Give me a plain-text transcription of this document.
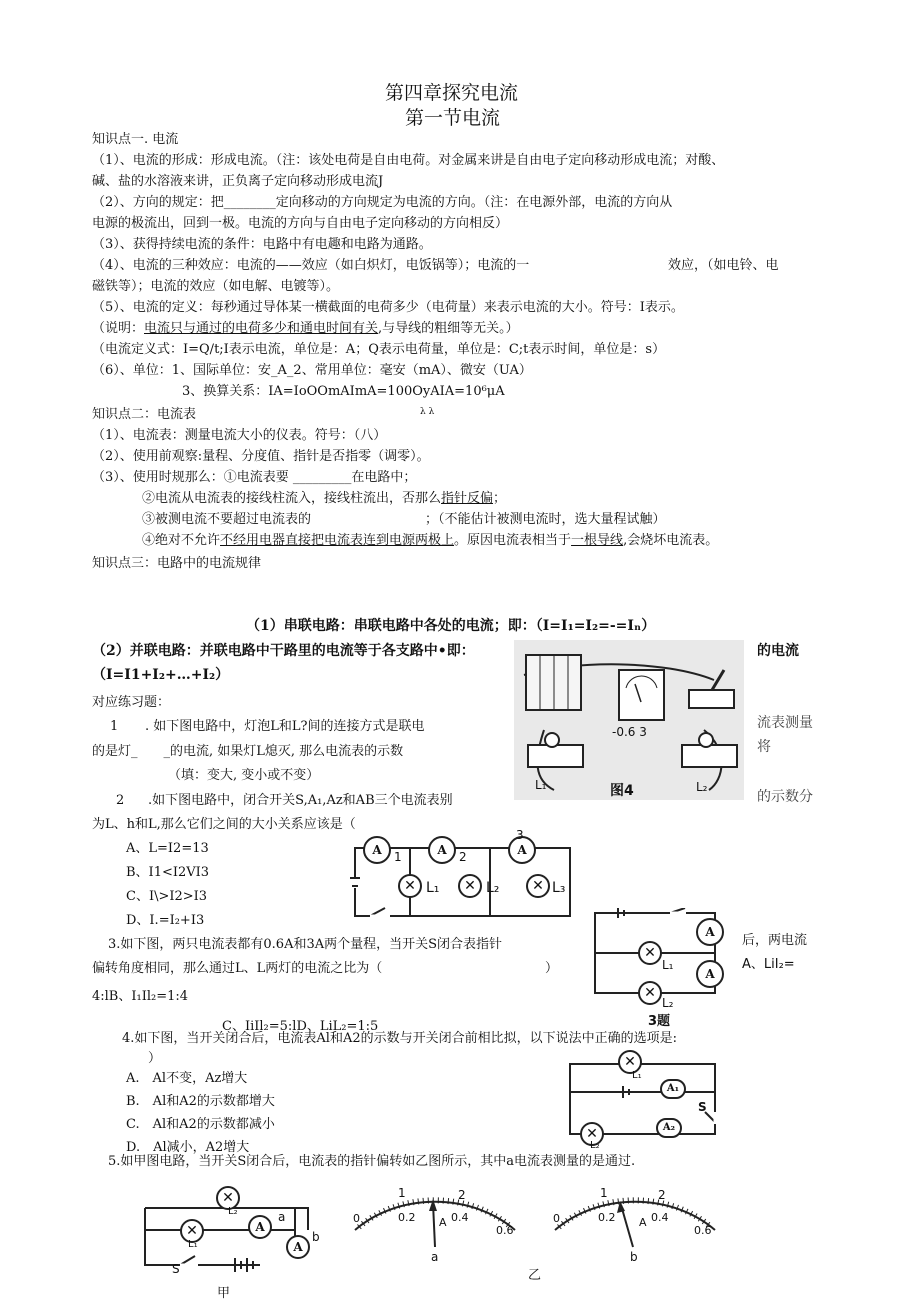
第四章探究电流
第一节电流
知识点一. 电流
（1）、电流的形成：形成电流。（注：该处电荷是自由电荷。对金属来讲是自由电子定向移动形成电流；对酸、
碱、盐的水溶液来讲，正负离子定向移动形成电流J
（2）、方向的规定：把________定向移动的方向规定为电流的方向。（注：在电源外部，电流的方向从
电源的极流出，回到一极。电流的方向与自由电子定向移动的方向相反）
（3）、获得持续电流的条件：电路中有电趣和电路为通路。
（4）、电流的三种效应：电流的——效应（如白炽灯，电饭锅等）；电流的一	效应，（如电铃、电
磁铁等）；电流的效应（如电解、电镀等）。
（5）、电流的定义：每秒通过导体某一横截面的电荷多少（电荷量）来表示电流的大小。符号：I表示。
（说明：电流只与通过的电荷多少和通电时间有关,与导线的粗细等无关。）
（电流定义式：I=Q/t;I表示电流，单位是：A；Q表示电荷量，单位是：C;t表示时间，单位是：s）
（6）、单位：1、国际单位：安_A_2、常用单位：毫安（mA）、微安（UA）
3、换算关系：IA=IoOOmAImA=100OyAIA=10⁶μA
知识点二：电流表	λ λ
（1）、电流表：测量电流大小的仪表。符号：（八）
（2）、使用前观察:量程、分度值、指针是否指零（调零）。
（3）、使用时规那么：①电流表要 _________在电路中；
②电流从电流表的接线柱流入，接线柱流出，否那么指针反偏；
③被测电流不要超过电流表的	；（不能估计被测电流时，选大量程试触）
④绝对不允许不经用电器直接把电流表连到电源两极上。原因电流表相当于一根导线,会烧坏电流表。
知识点三：电路中的电流规律
（1）串联电路：串联电路中各处的电流；即：（I=I₁=I₂=-=Iₙ）
（2）并联电路：并联电路中干路里的电流等于各支路中•即：
（I=I1+I₂+…+I₂）
-0.6 3
L₁	图4	L₂
的电流
流表测量
将
的示数分
对应练习题：
1 . 如下图电路中，灯泡L和L?间的连接方式是联电
的是灯_　　_的电流, 如果灯L熄灭, 那么电流表的示数
（填：变大, 变小或不变）
2 .如下图电路中，闭合开关S,A₁,Az和AB三个电流表别
为L、h和L,那么它们之间的大小关系应该是（
A、L=I2=13
B、I1<I2VI3
C、I\>I2>I3
D、I.=I₂+I3
A	1	A	2	A
3
✕ L₁	✕ L₂	✕ L₃
3.如下图，两只电流表都有0.6A和3A两个量程，当开关S闭合表指针
偏转角度相同，那么通过L、L两灯的电流之比为（	）
4:lB、I₁Il₂=1:4
C、IiIl₂=5:lD、LiL₂=1:5
后，两电流
A、LiI₂=
A
A
✕
L₁
✕
L₂
3题
4.如下图，当开关闭合后，电流表Al和A2的示数与开关闭合前相比拟，以下说法中正确的选项是:
）
A.　Al不变，Az增大
B.　Al和A2的示数都增大
C.　Al和A2的示数都减小
D.　Al减小，A2增大
✕
L₁
A₁
S
✕
L₂
A₂
5.如甲图电路，当开关S闭合后，电流表的指针偏转如乙图所示，其中a电流表测量的是通过.
✕
L₂
✕
L₁
A
a
A
b
S
甲
1	2
0	0.2	0.4
0.6
A
a
1	2
0	0.2	0.4
0.6
A
b
乙
